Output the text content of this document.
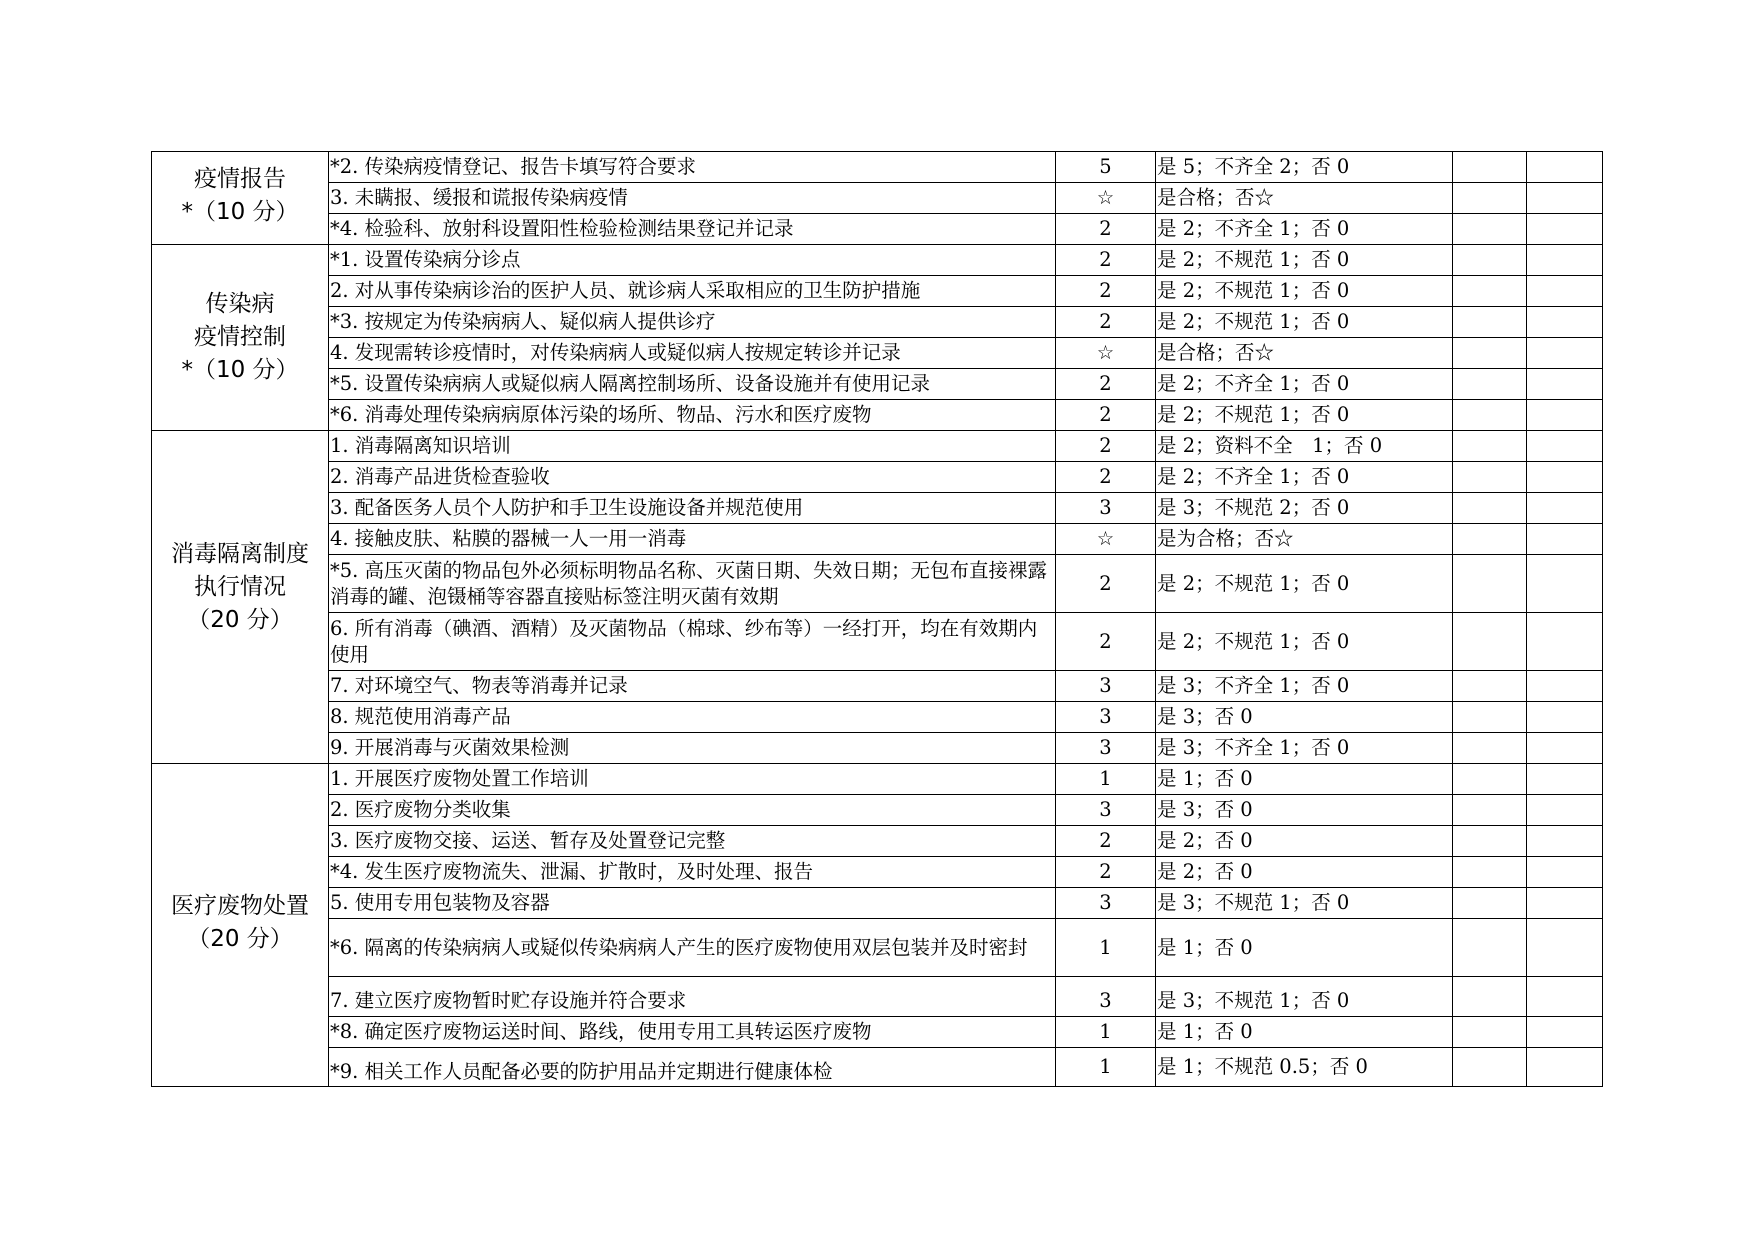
疫情报告
*（10 分）	*2. 传染病疫情登记、报告卡填写符合要求	5	是 5；不齐全 2；否 0		
	3. 未瞒报、缓报和谎报传染病疫情	☆	是合格；否☆		
	*4. 检验科、放射科设置阳性检验检测结果登记并记录	2	是 2；不齐全 1；否 0		

传染病
疫情控制
*（10 分）	*1. 设置传染病分诊点	2	是 2；不规范 1；否 0		
	2. 对从事传染病诊治的医护人员、就诊病人采取相应的卫生防护措施	2	是 2；不规范 1；否 0		
	*3. 按规定为传染病病人、疑似病人提供诊疗	2	是 2；不规范 1；否 0		
	4. 发现需转诊疫情时，对传染病病人或疑似病人按规定转诊并记录	☆	是合格；否☆		
	*5. 设置传染病病人或疑似病人隔离控制场所、设备设施并有使用记录	2	是 2；不齐全 1；否 0		
	*6. 消毒处理传染病病原体污染的场所、物品、污水和医疗废物	2	是 2；不规范 1；否 0		

消毒隔离制度
执行情况
（20 分）	1. 消毒隔离知识培训	2	是 2；资料不全　1；否 0		
	2. 消毒产品进货检查验收	2	是 2；不齐全 1；否 0		
	3. 配备医务人员个人防护和手卫生设施设备并规范使用	3	是 3；不规范 2；否 0		
	4. 接触皮肤、粘膜的器械一人一用一消毒	☆	是为合格；否☆		
	*5. 高压灭菌的物品包外必须标明物品名称、灭菌日期、失效日期；无包布直接裸露消毒的罐、泡镊桶等容器直接贴标签注明灭菌有效期	2	是 2；不规范 1；否 0		
	6. 所有消毒（碘酒、酒精）及灭菌物品（棉球、纱布等）一经打开，均在有效期内使用	2	是 2；不规范 1；否 0		
	7. 对环境空气、物表等消毒并记录	3	是 3；不齐全 1；否 0		
	8. 规范使用消毒产品	3	是 3；否 0		
	9. 开展消毒与灭菌效果检测	3	是 3；不齐全 1；否 0		

医疗废物处置
（20 分）	1. 开展医疗废物处置工作培训	1	是 1；否 0		
	2. 医疗废物分类收集	3	是 3；否 0		
	3. 医疗废物交接、运送、暂存及处置登记完整	2	是 2；否 0		
	*4. 发生医疗废物流失、泄漏、扩散时，及时处理、报告	2	是 2；否 0		
	5. 使用专用包装物及容器	3	是 3；不规范 1；否 0		
	*6. 隔离的传染病病人或疑似传染病病人产生的医疗废物使用双层包装并及时密封	1	是 1；否 0		
	7. 建立医疗废物暂时贮存设施并符合要求	3	是 3；不规范 1；否 0		
	*8. 确定医疗废物运送时间、路线，使用专用工具转运医疗废物	1	是 1；否 0		
	*9. 相关工作人员配备必要的防护用品并定期进行健康体检	1	是 1；不规范 0.5；否 0		
